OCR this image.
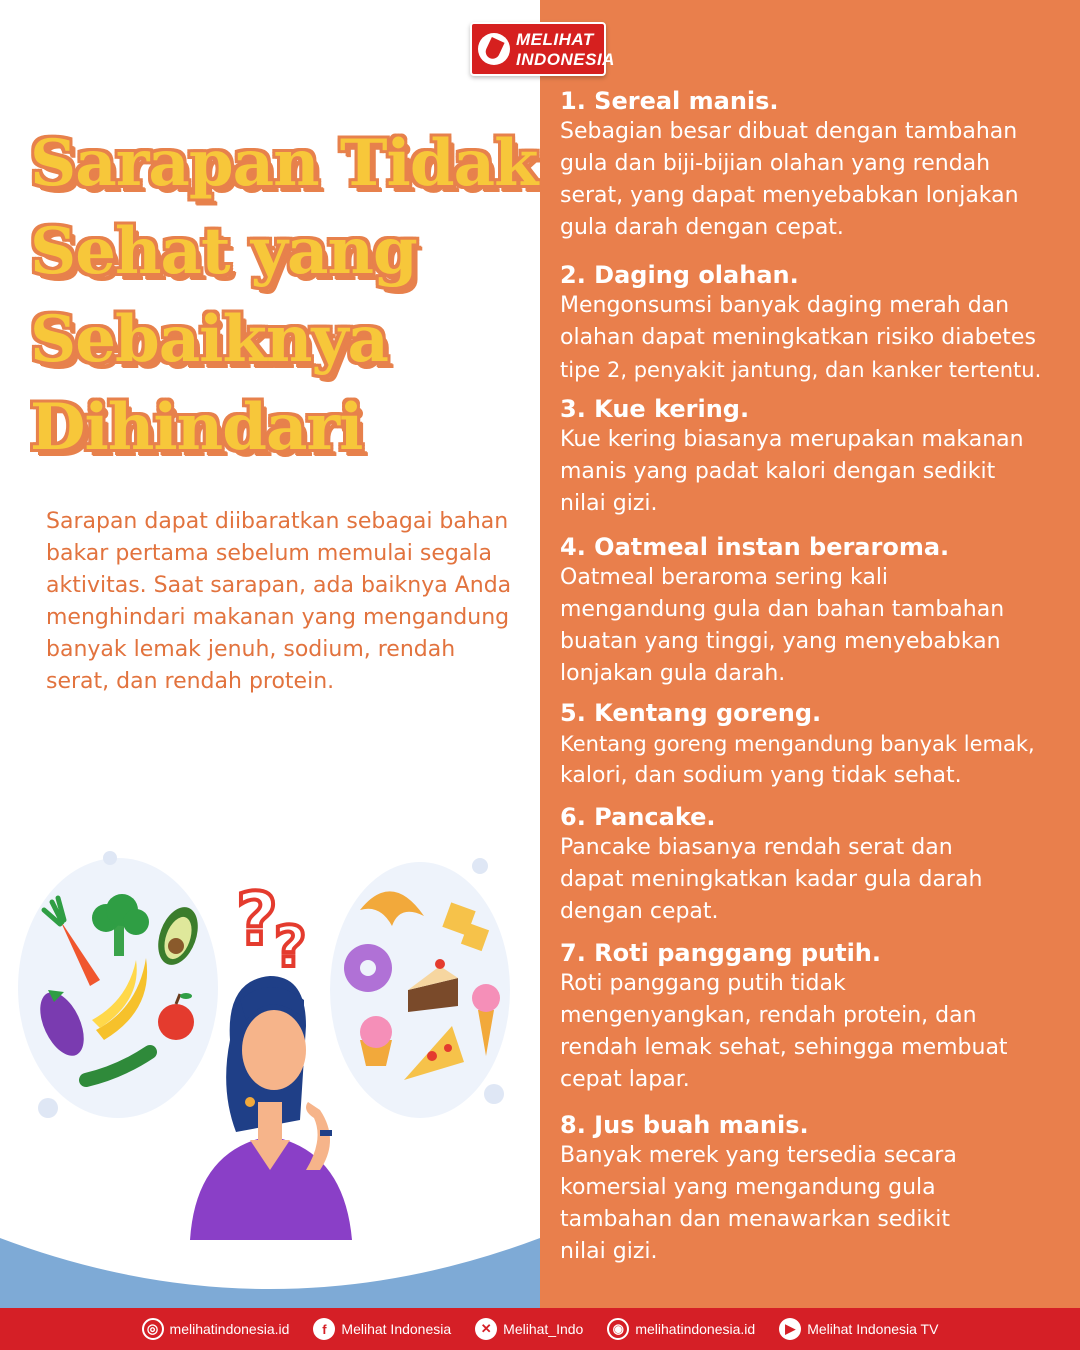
Sarapan Tidak
Sehat yang
Sebaiknya
Dihindari

Sarapan dapat diibaratkan sebagai bahan bakar pertama sebelum memulai segala aktivitas. Saat sarapan, ada baiknya Anda menghindari makanan yang mengandung banyak lemak jenuh, sodium, rendah serat, dan rendah protein.

?
?
1. Sereal manis.
Sebagian besar dibuat dengan tambahan
gula dan biji-bijian olahan yang rendah
serat, yang dapat menyebabkan lonjakan
gula darah dengan cepat.
2. Daging olahan.
Mengonsumsi banyak daging merah dan
olahan dapat meningkatkan risiko diabetes
tipe 2, penyakit jantung, dan kanker tertentu.
3. Kue kering.
Kue kering biasanya merupakan makanan
manis yang padat kalori dengan sedikit
nilai gizi.
4. Oatmeal instan beraroma.
Oatmeal beraroma sering kali
mengandung gula dan bahan tambahan
buatan yang tinggi, yang menyebabkan
lonjakan gula darah.
5. Kentang goreng.
Kentang goreng mengandung banyak lemak,
kalori, dan sodium yang tidak sehat.
6. Pancake.
Pancake biasanya rendah serat dan
dapat meningkatkan kadar gula darah
dengan cepat.
7. Roti panggang putih.
Roti panggang putih tidak
mengenyangkan, rendah protein, dan
rendah lemak sehat, sehingga membuat
cepat lapar.
8. Jus buah manis.
Banyak merek yang tersedia secara
komersial yang mengandung gula
tambahan dan menawarkan sedikit
nilai gizi.
MELIHAT
INDONESIA
◎ melihatindonesia.id	f	Melihat Indonesia	✕ Melihat_Indo	◉ melihatindonesia.id	▶ Melihat Indonesia TV
